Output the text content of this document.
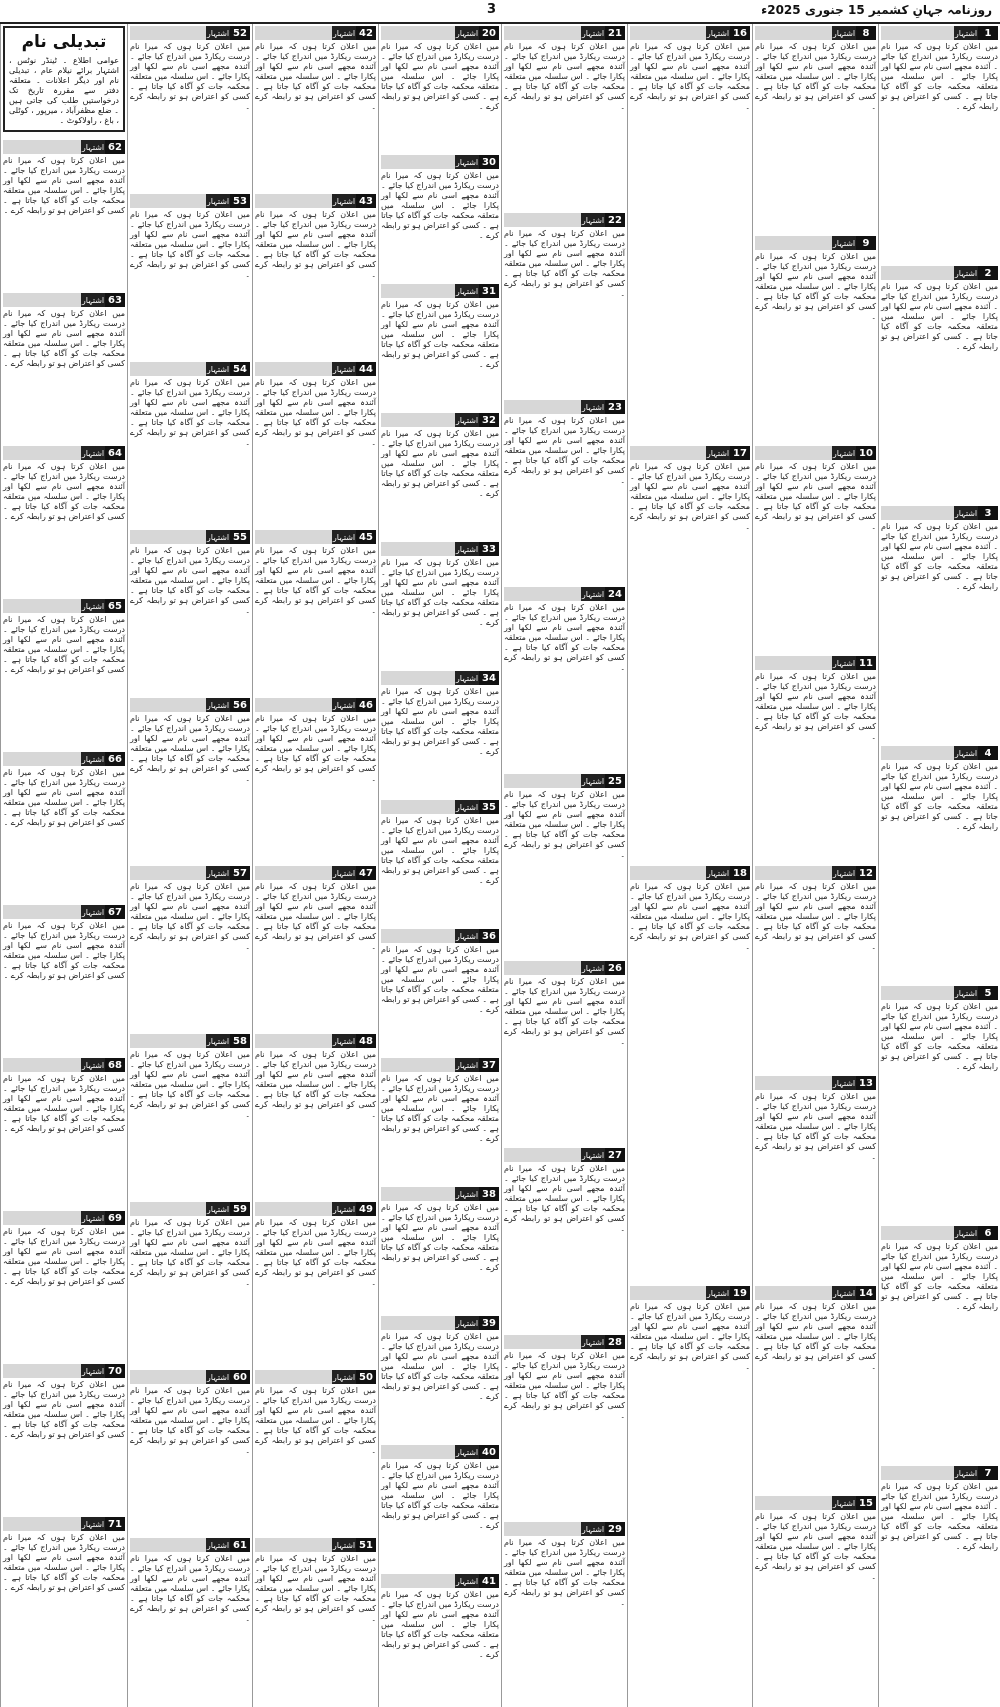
روزنامہ جہانِ کشمیر 15 جنوری 2025ء
3
اشتہار 1
میں اعلان کرتا ہوں کہ میرا نام درست ریکارڈ میں اندراج کیا جائے ۔ آئندہ مجھے اسی نام سے لکھا اور پکارا جائے ۔ اس سلسلہ میں متعلقہ محکمہ جات کو آگاہ کیا جاتا ہے ۔ کسی کو اعتراض ہو تو رابطہ کرے ۔
اشتہار 2
میں اعلان کرتا ہوں کہ میرا نام درست ریکارڈ میں اندراج کیا جائے ۔ آئندہ مجھے اسی نام سے لکھا اور پکارا جائے ۔ اس سلسلہ میں متعلقہ محکمہ جات کو آگاہ کیا جاتا ہے ۔ کسی کو اعتراض ہو تو رابطہ کرے ۔
اشتہار 3
میں اعلان کرتا ہوں کہ میرا نام درست ریکارڈ میں اندراج کیا جائے ۔ آئندہ مجھے اسی نام سے لکھا اور پکارا جائے ۔ اس سلسلہ میں متعلقہ محکمہ جات کو آگاہ کیا جاتا ہے ۔ کسی کو اعتراض ہو تو رابطہ کرے ۔
اشتہار 4
میں اعلان کرتا ہوں کہ میرا نام درست ریکارڈ میں اندراج کیا جائے ۔ آئندہ مجھے اسی نام سے لکھا اور پکارا جائے ۔ اس سلسلہ میں متعلقہ محکمہ جات کو آگاہ کیا جاتا ہے ۔ کسی کو اعتراض ہو تو رابطہ کرے ۔
اشتہار 5
میں اعلان کرتا ہوں کہ میرا نام درست ریکارڈ میں اندراج کیا جائے ۔ آئندہ مجھے اسی نام سے لکھا اور پکارا جائے ۔ اس سلسلہ میں متعلقہ محکمہ جات کو آگاہ کیا جاتا ہے ۔ کسی کو اعتراض ہو تو رابطہ کرے ۔
اشتہار 6
میں اعلان کرتا ہوں کہ میرا نام درست ریکارڈ میں اندراج کیا جائے ۔ آئندہ مجھے اسی نام سے لکھا اور پکارا جائے ۔ اس سلسلہ میں متعلقہ محکمہ جات کو آگاہ کیا جاتا ہے ۔ کسی کو اعتراض ہو تو رابطہ کرے ۔
اشتہار 7
میں اعلان کرتا ہوں کہ میرا نام درست ریکارڈ میں اندراج کیا جائے ۔ آئندہ مجھے اسی نام سے لکھا اور پکارا جائے ۔ اس سلسلہ میں متعلقہ محکمہ جات کو آگاہ کیا جاتا ہے ۔ کسی کو اعتراض ہو تو رابطہ کرے ۔
اشتہار 8
میں اعلان کرتا ہوں کہ میرا نام درست ریکارڈ میں اندراج کیا جائے ۔ آئندہ مجھے اسی نام سے لکھا اور پکارا جائے ۔ اس سلسلہ میں متعلقہ محکمہ جات کو آگاہ کیا جاتا ہے ۔ کسی کو اعتراض ہو تو رابطہ کرے ۔
اشتہار 9
میں اعلان کرتا ہوں کہ میرا نام درست ریکارڈ میں اندراج کیا جائے ۔ آئندہ مجھے اسی نام سے لکھا اور پکارا جائے ۔ اس سلسلہ میں متعلقہ محکمہ جات کو آگاہ کیا جاتا ہے ۔ کسی کو اعتراض ہو تو رابطہ کرے ۔
اشتہار 10
میں اعلان کرتا ہوں کہ میرا نام درست ریکارڈ میں اندراج کیا جائے ۔ آئندہ مجھے اسی نام سے لکھا اور پکارا جائے ۔ اس سلسلہ میں متعلقہ محکمہ جات کو آگاہ کیا جاتا ہے ۔ کسی کو اعتراض ہو تو رابطہ کرے ۔
اشتہار 11
میں اعلان کرتا ہوں کہ میرا نام درست ریکارڈ میں اندراج کیا جائے ۔ آئندہ مجھے اسی نام سے لکھا اور پکارا جائے ۔ اس سلسلہ میں متعلقہ محکمہ جات کو آگاہ کیا جاتا ہے ۔ کسی کو اعتراض ہو تو رابطہ کرے ۔
اشتہار 12
میں اعلان کرتا ہوں کہ میرا نام درست ریکارڈ میں اندراج کیا جائے ۔ آئندہ مجھے اسی نام سے لکھا اور پکارا جائے ۔ اس سلسلہ میں متعلقہ محکمہ جات کو آگاہ کیا جاتا ہے ۔ کسی کو اعتراض ہو تو رابطہ کرے ۔
اشتہار 13
میں اعلان کرتا ہوں کہ میرا نام درست ریکارڈ میں اندراج کیا جائے ۔ آئندہ مجھے اسی نام سے لکھا اور پکارا جائے ۔ اس سلسلہ میں متعلقہ محکمہ جات کو آگاہ کیا جاتا ہے ۔ کسی کو اعتراض ہو تو رابطہ کرے ۔
اشتہار 14
میں اعلان کرتا ہوں کہ میرا نام درست ریکارڈ میں اندراج کیا جائے ۔ آئندہ مجھے اسی نام سے لکھا اور پکارا جائے ۔ اس سلسلہ میں متعلقہ محکمہ جات کو آگاہ کیا جاتا ہے ۔ کسی کو اعتراض ہو تو رابطہ کرے ۔
اشتہار 15
میں اعلان کرتا ہوں کہ میرا نام درست ریکارڈ میں اندراج کیا جائے ۔ آئندہ مجھے اسی نام سے لکھا اور پکارا جائے ۔ اس سلسلہ میں متعلقہ محکمہ جات کو آگاہ کیا جاتا ہے ۔ کسی کو اعتراض ہو تو رابطہ کرے ۔
اشتہار 16
میں اعلان کرتا ہوں کہ میرا نام درست ریکارڈ میں اندراج کیا جائے ۔ آئندہ مجھے اسی نام سے لکھا اور پکارا جائے ۔ اس سلسلہ میں متعلقہ محکمہ جات کو آگاہ کیا جاتا ہے ۔ کسی کو اعتراض ہو تو رابطہ کرے ۔
اشتہار 17
میں اعلان کرتا ہوں کہ میرا نام درست ریکارڈ میں اندراج کیا جائے ۔ آئندہ مجھے اسی نام سے لکھا اور پکارا جائے ۔ اس سلسلہ میں متعلقہ محکمہ جات کو آگاہ کیا جاتا ہے ۔ کسی کو اعتراض ہو تو رابطہ کرے ۔
اشتہار 18
میں اعلان کرتا ہوں کہ میرا نام درست ریکارڈ میں اندراج کیا جائے ۔ آئندہ مجھے اسی نام سے لکھا اور پکارا جائے ۔ اس سلسلہ میں متعلقہ محکمہ جات کو آگاہ کیا جاتا ہے ۔ کسی کو اعتراض ہو تو رابطہ کرے ۔
اشتہار 19
میں اعلان کرتا ہوں کہ میرا نام درست ریکارڈ میں اندراج کیا جائے ۔ آئندہ مجھے اسی نام سے لکھا اور پکارا جائے ۔ اس سلسلہ میں متعلقہ محکمہ جات کو آگاہ کیا جاتا ہے ۔ کسی کو اعتراض ہو تو رابطہ کرے ۔
اشتہار 21
میں اعلان کرتا ہوں کہ میرا نام درست ریکارڈ میں اندراج کیا جائے ۔ آئندہ مجھے اسی نام سے لکھا اور پکارا جائے ۔ اس سلسلہ میں متعلقہ محکمہ جات کو آگاہ کیا جاتا ہے ۔ کسی کو اعتراض ہو تو رابطہ کرے ۔
اشتہار 22
میں اعلان کرتا ہوں کہ میرا نام درست ریکارڈ میں اندراج کیا جائے ۔ آئندہ مجھے اسی نام سے لکھا اور پکارا جائے ۔ اس سلسلہ میں متعلقہ محکمہ جات کو آگاہ کیا جاتا ہے ۔ کسی کو اعتراض ہو تو رابطہ کرے ۔
اشتہار 23
میں اعلان کرتا ہوں کہ میرا نام درست ریکارڈ میں اندراج کیا جائے ۔ آئندہ مجھے اسی نام سے لکھا اور پکارا جائے ۔ اس سلسلہ میں متعلقہ محکمہ جات کو آگاہ کیا جاتا ہے ۔ کسی کو اعتراض ہو تو رابطہ کرے ۔
اشتہار 24
میں اعلان کرتا ہوں کہ میرا نام درست ریکارڈ میں اندراج کیا جائے ۔ آئندہ مجھے اسی نام سے لکھا اور پکارا جائے ۔ اس سلسلہ میں متعلقہ محکمہ جات کو آگاہ کیا جاتا ہے ۔ کسی کو اعتراض ہو تو رابطہ کرے ۔
اشتہار 25
میں اعلان کرتا ہوں کہ میرا نام درست ریکارڈ میں اندراج کیا جائے ۔ آئندہ مجھے اسی نام سے لکھا اور پکارا جائے ۔ اس سلسلہ میں متعلقہ محکمہ جات کو آگاہ کیا جاتا ہے ۔ کسی کو اعتراض ہو تو رابطہ کرے ۔
اشتہار 26
میں اعلان کرتا ہوں کہ میرا نام درست ریکارڈ میں اندراج کیا جائے ۔ آئندہ مجھے اسی نام سے لکھا اور پکارا جائے ۔ اس سلسلہ میں متعلقہ محکمہ جات کو آگاہ کیا جاتا ہے ۔ کسی کو اعتراض ہو تو رابطہ کرے ۔
اشتہار 27
میں اعلان کرتا ہوں کہ میرا نام درست ریکارڈ میں اندراج کیا جائے ۔ آئندہ مجھے اسی نام سے لکھا اور پکارا جائے ۔ اس سلسلہ میں متعلقہ محکمہ جات کو آگاہ کیا جاتا ہے ۔ کسی کو اعتراض ہو تو رابطہ کرے ۔
اشتہار 28
میں اعلان کرتا ہوں کہ میرا نام درست ریکارڈ میں اندراج کیا جائے ۔ آئندہ مجھے اسی نام سے لکھا اور پکارا جائے ۔ اس سلسلہ میں متعلقہ محکمہ جات کو آگاہ کیا جاتا ہے ۔ کسی کو اعتراض ہو تو رابطہ کرے ۔
اشتہار 29
میں اعلان کرتا ہوں کہ میرا نام درست ریکارڈ میں اندراج کیا جائے ۔ آئندہ مجھے اسی نام سے لکھا اور پکارا جائے ۔ اس سلسلہ میں متعلقہ محکمہ جات کو آگاہ کیا جاتا ہے ۔ کسی کو اعتراض ہو تو رابطہ کرے ۔
اشتہار 20
میں اعلان کرتا ہوں کہ میرا نام درست ریکارڈ میں اندراج کیا جائے ۔ آئندہ مجھے اسی نام سے لکھا اور پکارا جائے ۔ اس سلسلہ میں متعلقہ محکمہ جات کو آگاہ کیا جاتا ہے ۔ کسی کو اعتراض ہو تو رابطہ کرے ۔
اشتہار 30
میں اعلان کرتا ہوں کہ میرا نام درست ریکارڈ میں اندراج کیا جائے ۔ آئندہ مجھے اسی نام سے لکھا اور پکارا جائے ۔ اس سلسلہ میں متعلقہ محکمہ جات کو آگاہ کیا جاتا ہے ۔ کسی کو اعتراض ہو تو رابطہ کرے ۔
اشتہار 31
میں اعلان کرتا ہوں کہ میرا نام درست ریکارڈ میں اندراج کیا جائے ۔ آئندہ مجھے اسی نام سے لکھا اور پکارا جائے ۔ اس سلسلہ میں متعلقہ محکمہ جات کو آگاہ کیا جاتا ہے ۔ کسی کو اعتراض ہو تو رابطہ کرے ۔
اشتہار 32
میں اعلان کرتا ہوں کہ میرا نام درست ریکارڈ میں اندراج کیا جائے ۔ آئندہ مجھے اسی نام سے لکھا اور پکارا جائے ۔ اس سلسلہ میں متعلقہ محکمہ جات کو آگاہ کیا جاتا ہے ۔ کسی کو اعتراض ہو تو رابطہ کرے ۔
اشتہار 33
میں اعلان کرتا ہوں کہ میرا نام درست ریکارڈ میں اندراج کیا جائے ۔ آئندہ مجھے اسی نام سے لکھا اور پکارا جائے ۔ اس سلسلہ میں متعلقہ محکمہ جات کو آگاہ کیا جاتا ہے ۔ کسی کو اعتراض ہو تو رابطہ کرے ۔
اشتہار 34
میں اعلان کرتا ہوں کہ میرا نام درست ریکارڈ میں اندراج کیا جائے ۔ آئندہ مجھے اسی نام سے لکھا اور پکارا جائے ۔ اس سلسلہ میں متعلقہ محکمہ جات کو آگاہ کیا جاتا ہے ۔ کسی کو اعتراض ہو تو رابطہ کرے ۔
اشتہار 35
میں اعلان کرتا ہوں کہ میرا نام درست ریکارڈ میں اندراج کیا جائے ۔ آئندہ مجھے اسی نام سے لکھا اور پکارا جائے ۔ اس سلسلہ میں متعلقہ محکمہ جات کو آگاہ کیا جاتا ہے ۔ کسی کو اعتراض ہو تو رابطہ کرے ۔
اشتہار 36
میں اعلان کرتا ہوں کہ میرا نام درست ریکارڈ میں اندراج کیا جائے ۔ آئندہ مجھے اسی نام سے لکھا اور پکارا جائے ۔ اس سلسلہ میں متعلقہ محکمہ جات کو آگاہ کیا جاتا ہے ۔ کسی کو اعتراض ہو تو رابطہ کرے ۔
اشتہار 37
میں اعلان کرتا ہوں کہ میرا نام درست ریکارڈ میں اندراج کیا جائے ۔ آئندہ مجھے اسی نام سے لکھا اور پکارا جائے ۔ اس سلسلہ میں متعلقہ محکمہ جات کو آگاہ کیا جاتا ہے ۔ کسی کو اعتراض ہو تو رابطہ کرے ۔
اشتہار 38
میں اعلان کرتا ہوں کہ میرا نام درست ریکارڈ میں اندراج کیا جائے ۔ آئندہ مجھے اسی نام سے لکھا اور پکارا جائے ۔ اس سلسلہ میں متعلقہ محکمہ جات کو آگاہ کیا جاتا ہے ۔ کسی کو اعتراض ہو تو رابطہ کرے ۔
اشتہار 39
میں اعلان کرتا ہوں کہ میرا نام درست ریکارڈ میں اندراج کیا جائے ۔ آئندہ مجھے اسی نام سے لکھا اور پکارا جائے ۔ اس سلسلہ میں متعلقہ محکمہ جات کو آگاہ کیا جاتا ہے ۔ کسی کو اعتراض ہو تو رابطہ کرے ۔
اشتہار 40
میں اعلان کرتا ہوں کہ میرا نام درست ریکارڈ میں اندراج کیا جائے ۔ آئندہ مجھے اسی نام سے لکھا اور پکارا جائے ۔ اس سلسلہ میں متعلقہ محکمہ جات کو آگاہ کیا جاتا ہے ۔ کسی کو اعتراض ہو تو رابطہ کرے ۔
اشتہار 41
میں اعلان کرتا ہوں کہ میرا نام درست ریکارڈ میں اندراج کیا جائے ۔ آئندہ مجھے اسی نام سے لکھا اور پکارا جائے ۔ اس سلسلہ میں متعلقہ محکمہ جات کو آگاہ کیا جاتا ہے ۔ کسی کو اعتراض ہو تو رابطہ کرے ۔
اشتہار 42
میں اعلان کرتا ہوں کہ میرا نام درست ریکارڈ میں اندراج کیا جائے ۔ آئندہ مجھے اسی نام سے لکھا اور پکارا جائے ۔ اس سلسلہ میں متعلقہ محکمہ جات کو آگاہ کیا جاتا ہے ۔ کسی کو اعتراض ہو تو رابطہ کرے ۔
اشتہار 43
میں اعلان کرتا ہوں کہ میرا نام درست ریکارڈ میں اندراج کیا جائے ۔ آئندہ مجھے اسی نام سے لکھا اور پکارا جائے ۔ اس سلسلہ میں متعلقہ محکمہ جات کو آگاہ کیا جاتا ہے ۔ کسی کو اعتراض ہو تو رابطہ کرے ۔
اشتہار 44
میں اعلان کرتا ہوں کہ میرا نام درست ریکارڈ میں اندراج کیا جائے ۔ آئندہ مجھے اسی نام سے لکھا اور پکارا جائے ۔ اس سلسلہ میں متعلقہ محکمہ جات کو آگاہ کیا جاتا ہے ۔ کسی کو اعتراض ہو تو رابطہ کرے ۔
اشتہار 45
میں اعلان کرتا ہوں کہ میرا نام درست ریکارڈ میں اندراج کیا جائے ۔ آئندہ مجھے اسی نام سے لکھا اور پکارا جائے ۔ اس سلسلہ میں متعلقہ محکمہ جات کو آگاہ کیا جاتا ہے ۔ کسی کو اعتراض ہو تو رابطہ کرے ۔
اشتہار 46
میں اعلان کرتا ہوں کہ میرا نام درست ریکارڈ میں اندراج کیا جائے ۔ آئندہ مجھے اسی نام سے لکھا اور پکارا جائے ۔ اس سلسلہ میں متعلقہ محکمہ جات کو آگاہ کیا جاتا ہے ۔ کسی کو اعتراض ہو تو رابطہ کرے ۔
اشتہار 47
میں اعلان کرتا ہوں کہ میرا نام درست ریکارڈ میں اندراج کیا جائے ۔ آئندہ مجھے اسی نام سے لکھا اور پکارا جائے ۔ اس سلسلہ میں متعلقہ محکمہ جات کو آگاہ کیا جاتا ہے ۔ کسی کو اعتراض ہو تو رابطہ کرے ۔
اشتہار 48
میں اعلان کرتا ہوں کہ میرا نام درست ریکارڈ میں اندراج کیا جائے ۔ آئندہ مجھے اسی نام سے لکھا اور پکارا جائے ۔ اس سلسلہ میں متعلقہ محکمہ جات کو آگاہ کیا جاتا ہے ۔ کسی کو اعتراض ہو تو رابطہ کرے ۔
اشتہار 49
میں اعلان کرتا ہوں کہ میرا نام درست ریکارڈ میں اندراج کیا جائے ۔ آئندہ مجھے اسی نام سے لکھا اور پکارا جائے ۔ اس سلسلہ میں متعلقہ محکمہ جات کو آگاہ کیا جاتا ہے ۔ کسی کو اعتراض ہو تو رابطہ کرے ۔
اشتہار 50
میں اعلان کرتا ہوں کہ میرا نام درست ریکارڈ میں اندراج کیا جائے ۔ آئندہ مجھے اسی نام سے لکھا اور پکارا جائے ۔ اس سلسلہ میں متعلقہ محکمہ جات کو آگاہ کیا جاتا ہے ۔ کسی کو اعتراض ہو تو رابطہ کرے ۔
اشتہار 51
میں اعلان کرتا ہوں کہ میرا نام درست ریکارڈ میں اندراج کیا جائے ۔ آئندہ مجھے اسی نام سے لکھا اور پکارا جائے ۔ اس سلسلہ میں متعلقہ محکمہ جات کو آگاہ کیا جاتا ہے ۔ کسی کو اعتراض ہو تو رابطہ کرے ۔
اشتہار 52
میں اعلان کرتا ہوں کہ میرا نام درست ریکارڈ میں اندراج کیا جائے ۔ آئندہ مجھے اسی نام سے لکھا اور پکارا جائے ۔ اس سلسلہ میں متعلقہ محکمہ جات کو آگاہ کیا جاتا ہے ۔ کسی کو اعتراض ہو تو رابطہ کرے ۔
اشتہار 53
میں اعلان کرتا ہوں کہ میرا نام درست ریکارڈ میں اندراج کیا جائے ۔ آئندہ مجھے اسی نام سے لکھا اور پکارا جائے ۔ اس سلسلہ میں متعلقہ محکمہ جات کو آگاہ کیا جاتا ہے ۔ کسی کو اعتراض ہو تو رابطہ کرے ۔
اشتہار 54
میں اعلان کرتا ہوں کہ میرا نام درست ریکارڈ میں اندراج کیا جائے ۔ آئندہ مجھے اسی نام سے لکھا اور پکارا جائے ۔ اس سلسلہ میں متعلقہ محکمہ جات کو آگاہ کیا جاتا ہے ۔ کسی کو اعتراض ہو تو رابطہ کرے ۔
اشتہار 55
میں اعلان کرتا ہوں کہ میرا نام درست ریکارڈ میں اندراج کیا جائے ۔ آئندہ مجھے اسی نام سے لکھا اور پکارا جائے ۔ اس سلسلہ میں متعلقہ محکمہ جات کو آگاہ کیا جاتا ہے ۔ کسی کو اعتراض ہو تو رابطہ کرے ۔
اشتہار 56
میں اعلان کرتا ہوں کہ میرا نام درست ریکارڈ میں اندراج کیا جائے ۔ آئندہ مجھے اسی نام سے لکھا اور پکارا جائے ۔ اس سلسلہ میں متعلقہ محکمہ جات کو آگاہ کیا جاتا ہے ۔ کسی کو اعتراض ہو تو رابطہ کرے ۔
اشتہار 57
میں اعلان کرتا ہوں کہ میرا نام درست ریکارڈ میں اندراج کیا جائے ۔ آئندہ مجھے اسی نام سے لکھا اور پکارا جائے ۔ اس سلسلہ میں متعلقہ محکمہ جات کو آگاہ کیا جاتا ہے ۔ کسی کو اعتراض ہو تو رابطہ کرے ۔
اشتہار 58
میں اعلان کرتا ہوں کہ میرا نام درست ریکارڈ میں اندراج کیا جائے ۔ آئندہ مجھے اسی نام سے لکھا اور پکارا جائے ۔ اس سلسلہ میں متعلقہ محکمہ جات کو آگاہ کیا جاتا ہے ۔ کسی کو اعتراض ہو تو رابطہ کرے ۔
اشتہار 59
میں اعلان کرتا ہوں کہ میرا نام درست ریکارڈ میں اندراج کیا جائے ۔ آئندہ مجھے اسی نام سے لکھا اور پکارا جائے ۔ اس سلسلہ میں متعلقہ محکمہ جات کو آگاہ کیا جاتا ہے ۔ کسی کو اعتراض ہو تو رابطہ کرے ۔
اشتہار 60
میں اعلان کرتا ہوں کہ میرا نام درست ریکارڈ میں اندراج کیا جائے ۔ آئندہ مجھے اسی نام سے لکھا اور پکارا جائے ۔ اس سلسلہ میں متعلقہ محکمہ جات کو آگاہ کیا جاتا ہے ۔ کسی کو اعتراض ہو تو رابطہ کرے ۔
اشتہار 61
میں اعلان کرتا ہوں کہ میرا نام درست ریکارڈ میں اندراج کیا جائے ۔ آئندہ مجھے اسی نام سے لکھا اور پکارا جائے ۔ اس سلسلہ میں متعلقہ محکمہ جات کو آگاہ کیا جاتا ہے ۔ کسی کو اعتراض ہو تو رابطہ کرے ۔
تبدیلی نام
عوامی اطلاع ۔ ٹینڈر نوٹس ، اشتہار برائے نیلام عام ، تبدیلی نام اور دیگر اعلانات ۔ متعلقہ دفتر سے مقررہ تاریخ تک درخواستیں طلب کی جاتی ہیں ۔ ضلع مظفرآباد ، میرپور ، کوٹلی ، باغ ، راولاکوٹ ۔
اشتہار 62
میں اعلان کرتا ہوں کہ میرا نام درست ریکارڈ میں اندراج کیا جائے ۔ آئندہ مجھے اسی نام سے لکھا اور پکارا جائے ۔ اس سلسلہ میں متعلقہ محکمہ جات کو آگاہ کیا جاتا ہے ۔ کسی کو اعتراض ہو تو رابطہ کرے ۔
اشتہار 63
میں اعلان کرتا ہوں کہ میرا نام درست ریکارڈ میں اندراج کیا جائے ۔ آئندہ مجھے اسی نام سے لکھا اور پکارا جائے ۔ اس سلسلہ میں متعلقہ محکمہ جات کو آگاہ کیا جاتا ہے ۔ کسی کو اعتراض ہو تو رابطہ کرے ۔
اشتہار 64
میں اعلان کرتا ہوں کہ میرا نام درست ریکارڈ میں اندراج کیا جائے ۔ آئندہ مجھے اسی نام سے لکھا اور پکارا جائے ۔ اس سلسلہ میں متعلقہ محکمہ جات کو آگاہ کیا جاتا ہے ۔ کسی کو اعتراض ہو تو رابطہ کرے ۔
اشتہار 65
میں اعلان کرتا ہوں کہ میرا نام درست ریکارڈ میں اندراج کیا جائے ۔ آئندہ مجھے اسی نام سے لکھا اور پکارا جائے ۔ اس سلسلہ میں متعلقہ محکمہ جات کو آگاہ کیا جاتا ہے ۔ کسی کو اعتراض ہو تو رابطہ کرے ۔
اشتہار 66
میں اعلان کرتا ہوں کہ میرا نام درست ریکارڈ میں اندراج کیا جائے ۔ آئندہ مجھے اسی نام سے لکھا اور پکارا جائے ۔ اس سلسلہ میں متعلقہ محکمہ جات کو آگاہ کیا جاتا ہے ۔ کسی کو اعتراض ہو تو رابطہ کرے ۔
اشتہار 67
میں اعلان کرتا ہوں کہ میرا نام درست ریکارڈ میں اندراج کیا جائے ۔ آئندہ مجھے اسی نام سے لکھا اور پکارا جائے ۔ اس سلسلہ میں متعلقہ محکمہ جات کو آگاہ کیا جاتا ہے ۔ کسی کو اعتراض ہو تو رابطہ کرے ۔
اشتہار 68
میں اعلان کرتا ہوں کہ میرا نام درست ریکارڈ میں اندراج کیا جائے ۔ آئندہ مجھے اسی نام سے لکھا اور پکارا جائے ۔ اس سلسلہ میں متعلقہ محکمہ جات کو آگاہ کیا جاتا ہے ۔ کسی کو اعتراض ہو تو رابطہ کرے ۔
اشتہار 69
میں اعلان کرتا ہوں کہ میرا نام درست ریکارڈ میں اندراج کیا جائے ۔ آئندہ مجھے اسی نام سے لکھا اور پکارا جائے ۔ اس سلسلہ میں متعلقہ محکمہ جات کو آگاہ کیا جاتا ہے ۔ کسی کو اعتراض ہو تو رابطہ کرے ۔
اشتہار 70
میں اعلان کرتا ہوں کہ میرا نام درست ریکارڈ میں اندراج کیا جائے ۔ آئندہ مجھے اسی نام سے لکھا اور پکارا جائے ۔ اس سلسلہ میں متعلقہ محکمہ جات کو آگاہ کیا جاتا ہے ۔ کسی کو اعتراض ہو تو رابطہ کرے ۔
اشتہار 71
میں اعلان کرتا ہوں کہ میرا نام درست ریکارڈ میں اندراج کیا جائے ۔ آئندہ مجھے اسی نام سے لکھا اور پکارا جائے ۔ اس سلسلہ میں متعلقہ محکمہ جات کو آگاہ کیا جاتا ہے ۔ کسی کو اعتراض ہو تو رابطہ کرے ۔
